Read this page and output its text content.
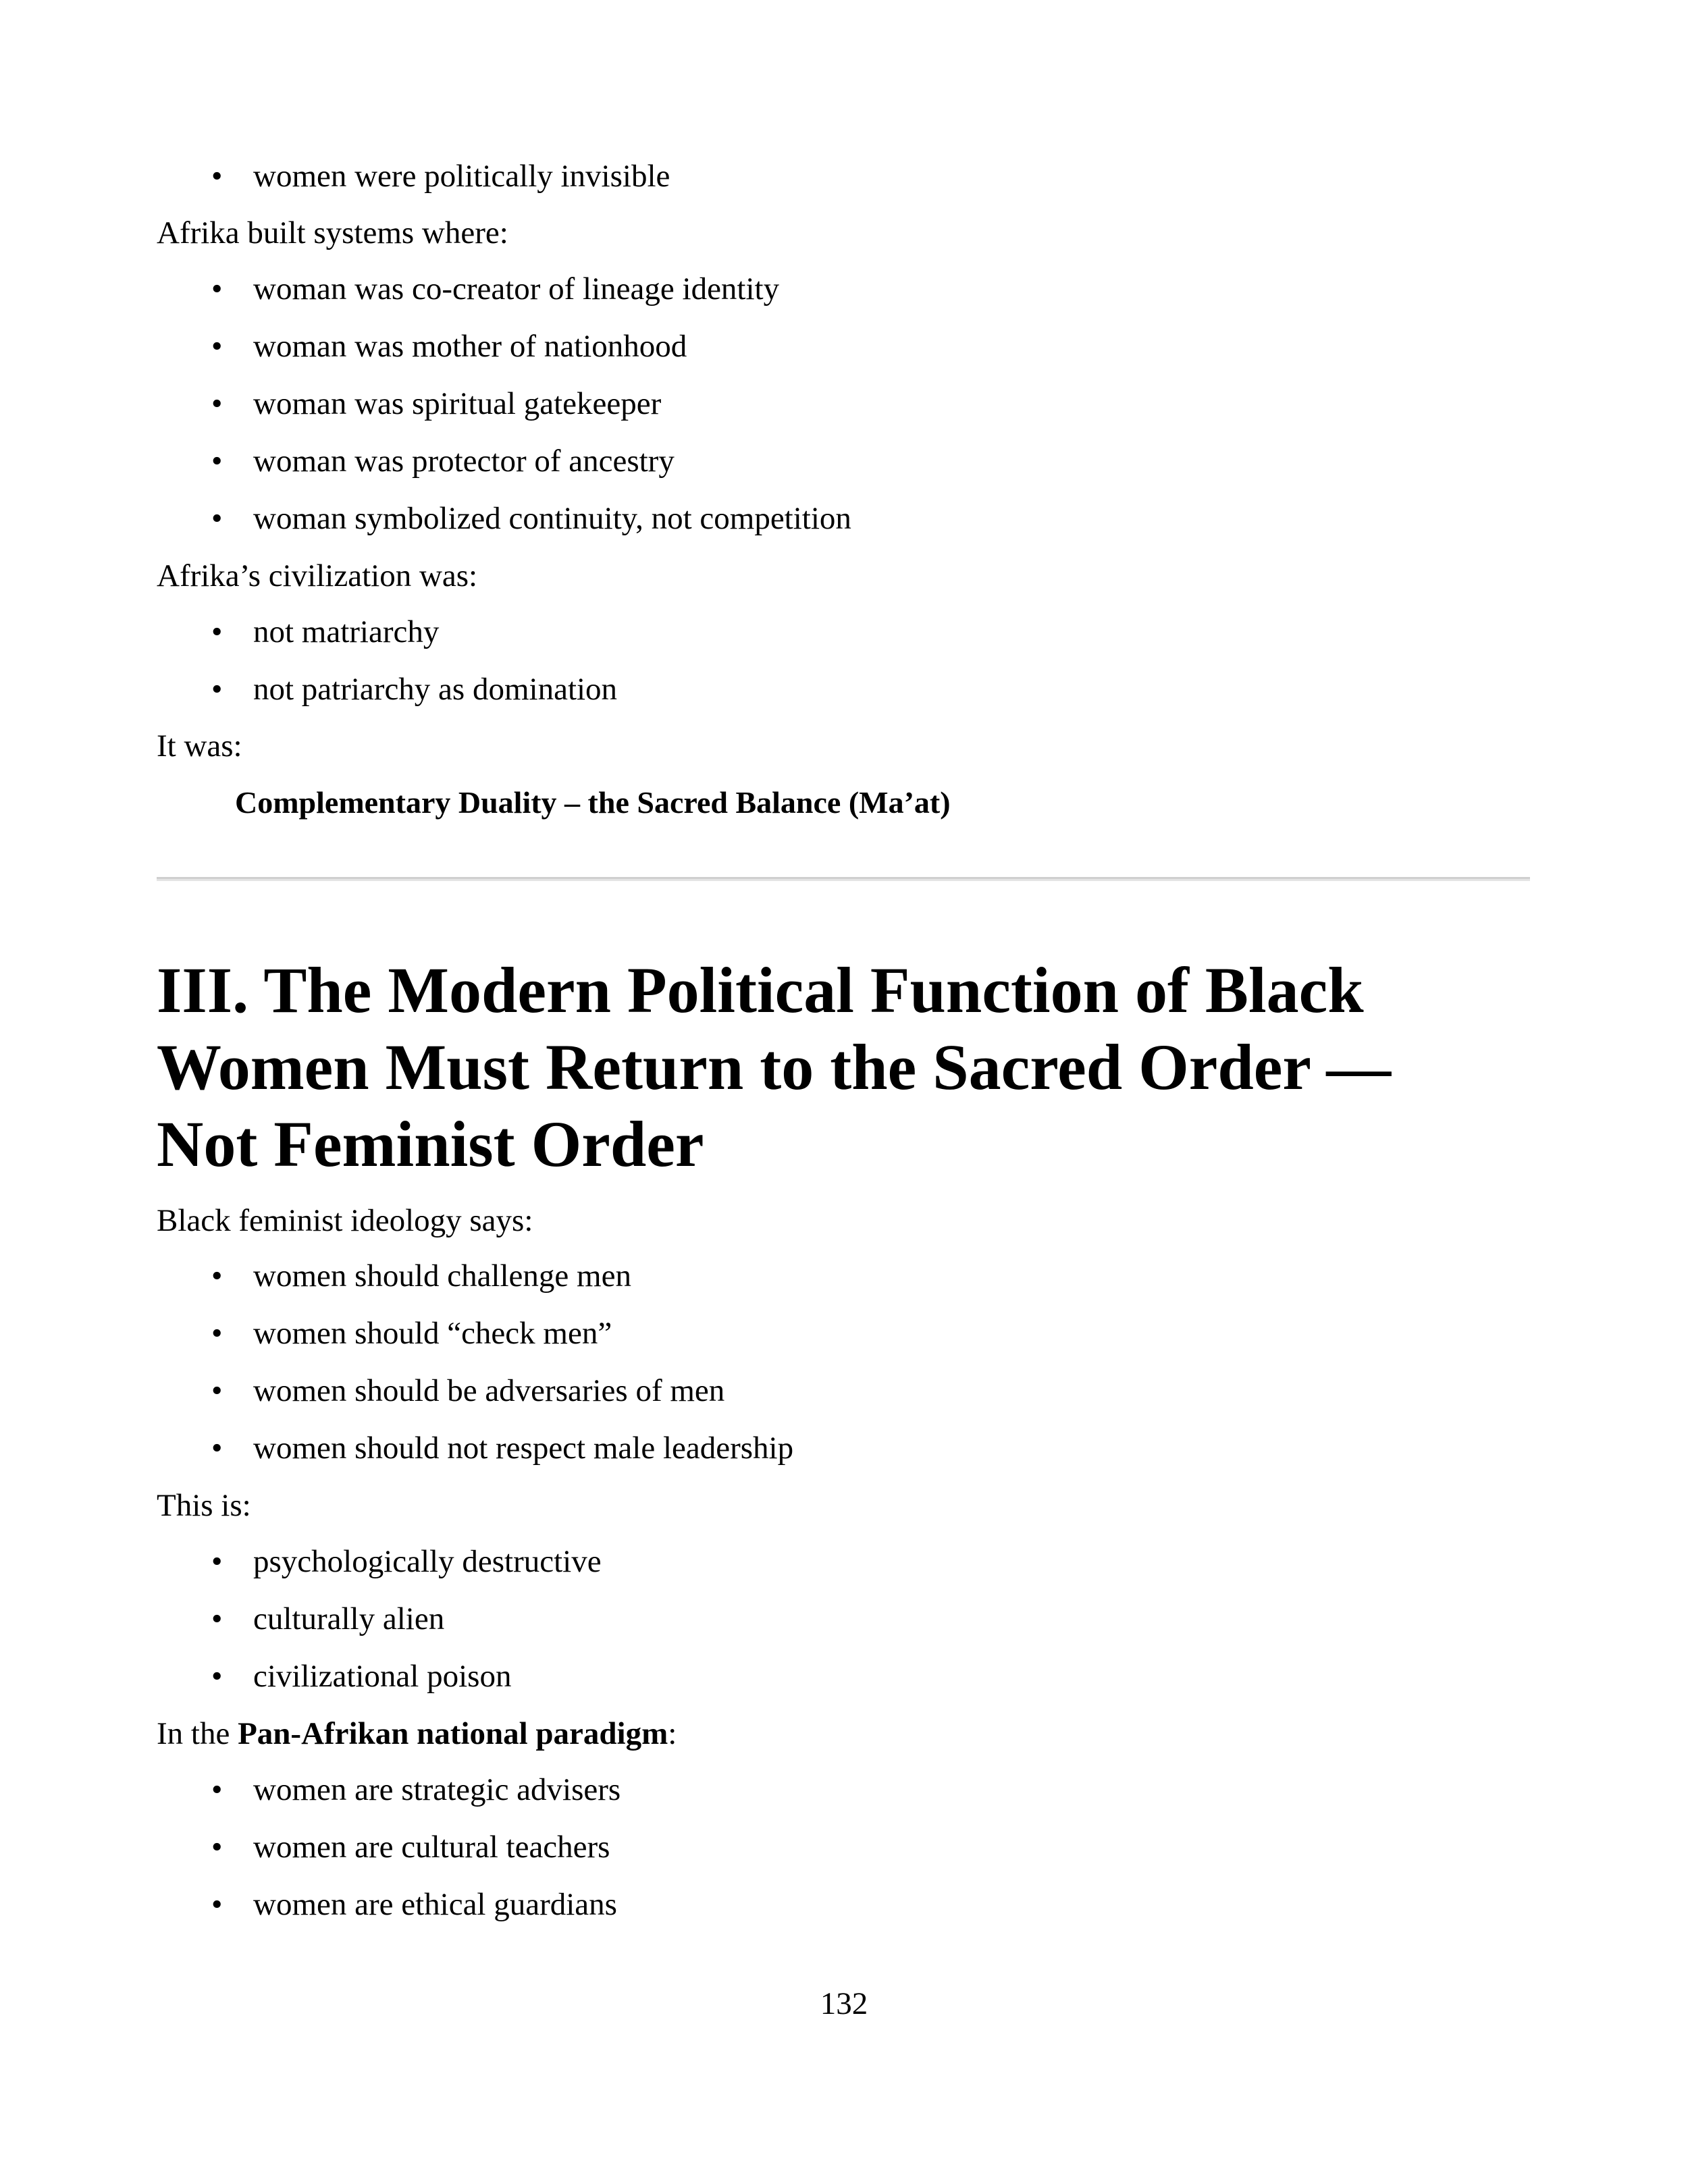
• women were politically invisible
Afrika built systems where:
• woman was co-creator of lineage identity
• woman was mother of nationhood
• woman was spiritual gatekeeper
• woman was protector of ancestry
• woman symbolized continuity, not competition
Afrika’s civilization was:
• not matriarchy
• not patriarchy as domination
It was:
Complementary Duality – the Sacred Balance (Ma’at)
III. The Modern Political Function of Black
Women Must Return to the Sacred Order —
Not Feminist Order
Black feminist ideology says:
• women should challenge men
• women should “check men”
• women should be adversaries of men
• women should not respect male leadership
This is:
• psychologically destructive
• culturally alien
• civilizational poison
In the Pan-Afrikan national paradigm:
• women are strategic advisers
• women are cultural teachers
• women are ethical guardians
132
